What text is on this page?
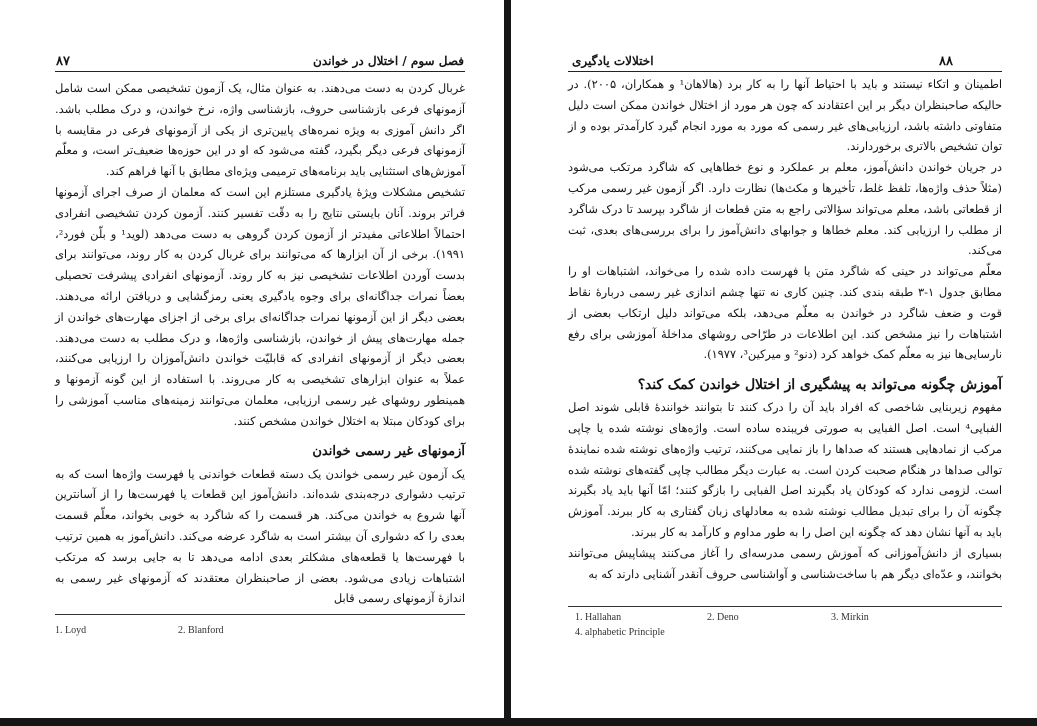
۸۷	فصل سوم / اختلال در خواندن

غربال کردن به دست می‌دهند. به عنوان مثال، یک آزمون تشخیصی ممکن است شامل آزمونهای فرعی بازشناسی حروف، بازشناسی واژه، نرخ خواندن، و درک مطلب باشد. اگر دانش آموزی به ویژه نمره‌های پایین‌تری از یکی از آزمونهای فرعی در مقایسه با آزمونهای فرعی دیگر بگیرد، گفته می‌شود که او در این حوزه‌ها ضعیف‌تر است، و معلّم آموزش‌های استثنایی باید برنامه‌های ترمیمی ویژه‌ای مطابق با آنها فراهم کند.

تشخیص مشکلات ویژهٔ یادگیری مستلزم این است که معلمان از صرف اجرای آزمونها فراتر بروند. آنان بایستی نتایج را به دقّت تفسیر کنند. آزمون کردن تشخیصی انفرادی احتمالاً اطلاعاتی مفیدتر از آزمون کردن گروهی به دست می‌دهد (لوید¹ و بلّن فورد²، ۱۹۹۱). برخی از آن ابزارها که می‌توانند برای غربال کردن به کار روند، می‌توانند برای بدست آوردن اطلاعات تشخیصی نیز به کار روند. آزمونهای انفرادی پیشرفت تحصیلی بعضاً نمرات جداگانه‌ای برای وجوه یادگیری یعنی رمزگشایی و دریافتن ارائه می‌دهند. بعضی دیگر از این آزمونها نمرات جداگانه‌ای برای برخی از اجزای مهارت‌های خواندن از جمله مهارت‌های پیش از خواندن، بازشناسی واژه‌ها، و درک مطلب به دست می‌دهند. بعضی دیگر از آزمونهای انفرادی که قابلیّت خواندن دانش‌آموزان را ارزیابی می‌کنند، عملاً به عنوان ابزارهای تشخیصی به کار می‌روند. با استفاده از این گونه آزمونها و همینطور روشهای غیر رسمی ارزیابی، معلمان می‌توانند زمینه‌های مناسب آموزشی را برای کودکان مبتلا به اختلال خواندن مشخص کنند.

آزمونهای غیر رسمی خواندن

یک آزمون غیر رسمی خواندن یک دسته قطعات خواندنی یا فهرست واژه‌ها است که به ترتیب دشواری درجه‌بندی شده‌اند. دانش‌آموز این قطعات یا فهرست‌ها را از آسانترین آنها شروع به خواندن می‌کند. هر قسمت را که شاگرد به خوبی بخواند، معلّم قسمت بعدی را که دشواری آن بیشتر است به شاگرد عرضه می‌کند. دانش‌آموز به همین ترتیب با فهرست‌ها یا قطعه‌های مشکلتر بعدی ادامه می‌دهد تا به جایی برسد که مرتکب اشتباهات زیادی می‌شود. بعضی از صاحبنظران معتقدند که آزمونهای غیر رسمی به اندازهٔ آزمونهای رسمی قابل

1. Loyd	2. Blanford
۸۸
اختلالات یادگیری

اطمینان و اتکاء نیستند و باید با احتیاط آنها را به کار برد (هالاهان¹ و همکاران، ۲۰۰۵). در حالیکه صاحبنظران دیگر بر این اعتقادند که چون هر مورد از اختلال خواندن ممکن است دلیل متفاوتی داشته باشد، ارزیابی‌های غیر رسمی که مورد به مورد انجام گیرد کارآمدتر بوده و از توان تشخیص بالاتری برخوردارند.

در جریان خواندن دانش‌آموز، معلم بر عملکرد و نوع خطاهایی که شاگرد مرتکب می‌شود (مثلاً حذف واژه‌ها، تلفظ غلط، تأخیرها و مکث‌ها) نظارت دارد. اگر آزمون غیر رسمی مرکب از قطعاتی باشد، معلم می‌تواند سؤالاتی راجع به متن قطعات از شاگرد بپرسد تا درک شاگرد از مطلب را ارزیابی کند. معلم خطاها و جوابهای دانش‌آموز را برای بررسی‌های بعدی، ثبت می‌کند.

معلّم می‌تواند در حینی که شاگرد متن یا فهرست داده شده را می‌خواند، اشتباهات او را مطابق جدول ۱-۳ طبقه بندی کند. چنین کاری نه تنها چشم اندازی غیر رسمی دربارهٔ نقاط قوت و ضعف شاگرد در خواندن به معلّم می‌دهد، بلکه می‌تواند دلیل ارتکاب بعضی از اشتباهات را نیز مشخص کند. این اطلاعات در طرّاحی روشهای مداخلهٔ آموزشی برای رفع نارسایی‌ها نیز به معلّم کمک خواهد کرد (دنو² و میرکین³، ۱۹۷۷).

آموزش چگونه می‌تواند به پیشگیری از اختلال خواندن کمک کند؟

مفهوم زیربنایی شاخصی که افراد باید آن را درک کنند تا بتوانند خوانندهٔ قابلی شوند اصل الفبایی⁴ است. اصل الفبایی به صورتی فریبنده ساده است. واژه‌های نوشته شده یا چاپی مرکب از نمادهایی هستند که صداها را باز نمایی می‌کنند، ترتیب واژه‌های نوشته شده نمایندهٔ توالی صداها در هنگام صحبت کردن است. به عبارت دیگر مطالب چاپی گفته‌های نوشته شده است. لزومی ندارد که کودکان یاد بگیرند اصل الفبایی را بازگو کنند؛ امّا آنها باید یاد بگیرند چگونه آن را برای تبدیل مطالب نوشته شده به معادلهای زبان گفتاری به کار ببرند. آموزش باید به آنها نشان دهد که چگونه این اصل را به طور مداوم و کارآمد به کار ببرند.

بسیاری از دانش‌آموزانی که آموزش رسمی مدرسه‌ای را آغاز می‌کنند پیشاپیش می‌توانند بخوانند، و عدّه‌ای دیگر هم با ساخت‌شناسی و آواشناسی حروف آنقدر آشنایی دارند که به

1. Hallahan	2. Deno	3. Mirkin
4. alphabetic Principle
